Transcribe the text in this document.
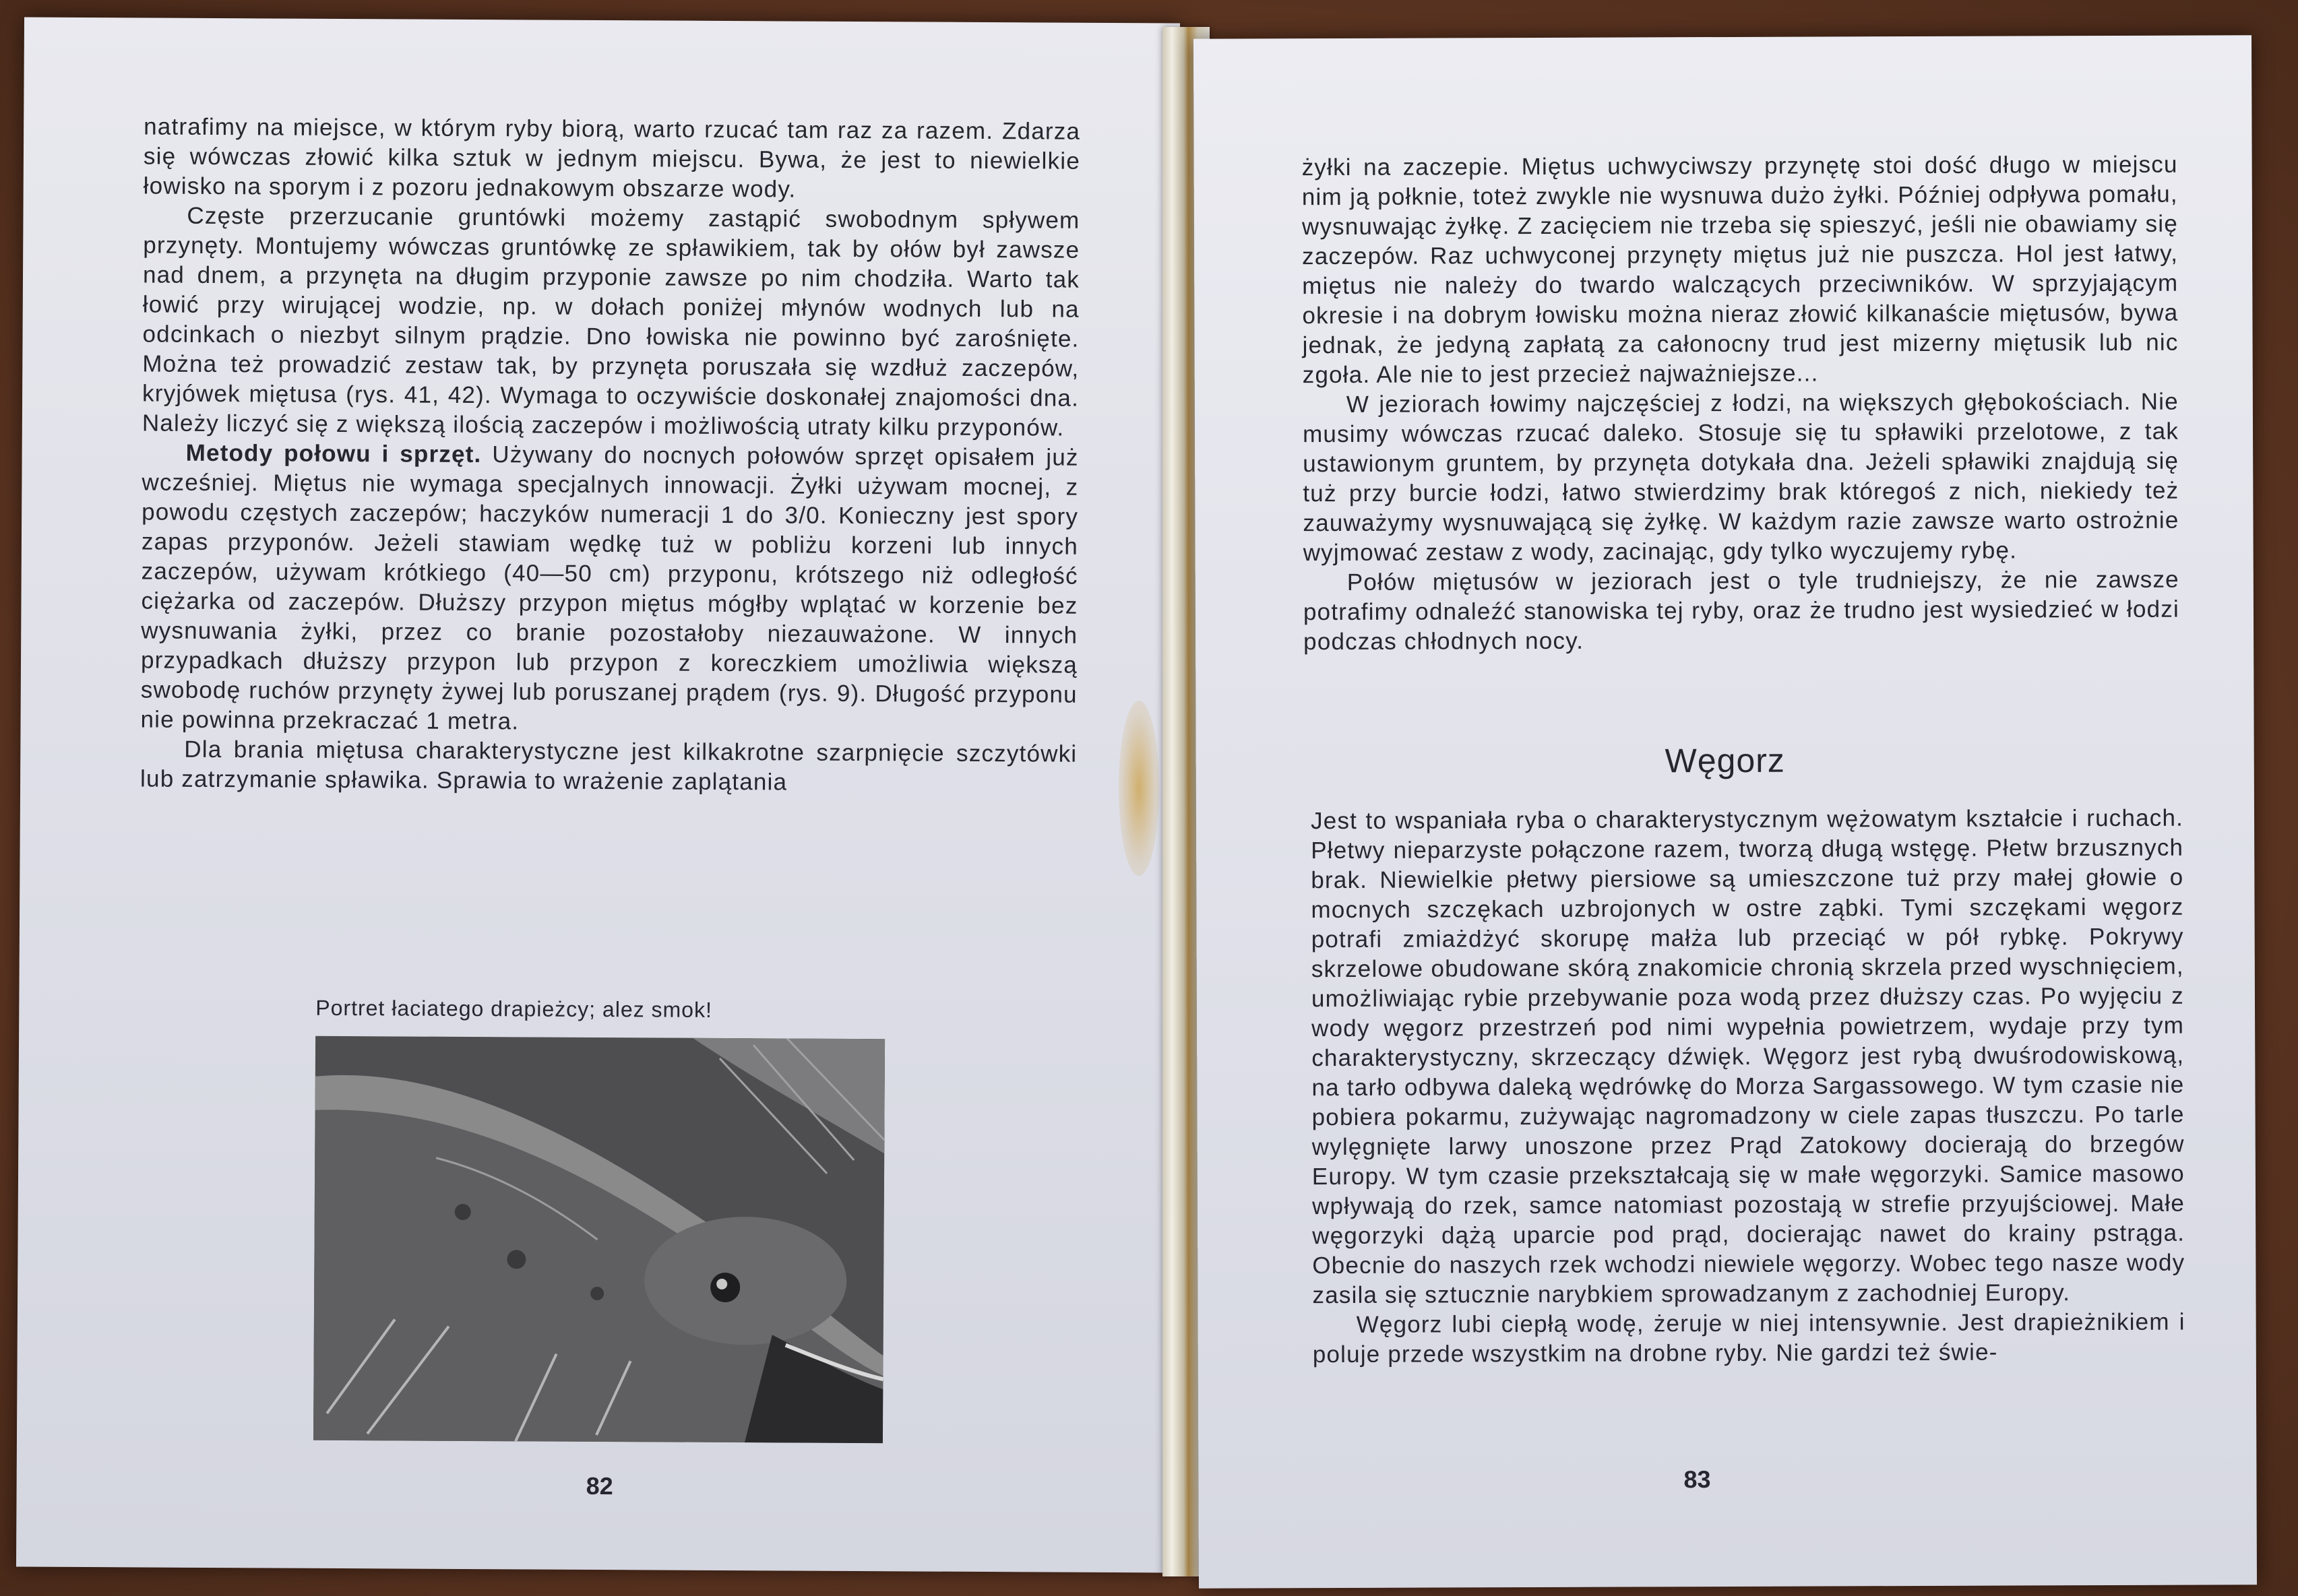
natrafimy na miejsce, w którym ryby biorą, warto rzucać tam raz za razem. Zdarza się wówczas złowić kilka sztuk w jednym miejscu. Bywa, że jest to niewielkie łowisko na sporym i z pozoru jednakowym obszarze wody.

Częste przerzucanie gruntówki możemy zastąpić swobodnym spływem przynęty. Montujemy wówczas gruntówkę ze spławikiem, tak by ołów był zawsze nad dnem, a przynęta na długim przyponie zawsze po nim chodziła. Warto tak łowić przy wirującej wodzie, np. w dołach poniżej młynów wodnych lub na odcinkach o niezbyt silnym prądzie. Dno łowiska nie powinno być zarośnięte. Można też prowadzić zestaw tak, by przynęta poruszała się wzdłuż zaczepów, kryjówek miętusa (rys. 41, 42). Wymaga to oczywiście doskonałej znajomości dna. Należy liczyć się z większą ilością zaczepów i możliwością utraty kilku przyponów.

Metody połowu i sprzęt. Używany do nocnych połowów sprzęt opisałem już wcześniej. Miętus nie wymaga specjalnych innowacji. Żyłki używam mocnej, z powodu częstych zaczepów; haczyków numeracji 1 do 3/0. Konieczny jest spory zapas przyponów. Jeżeli stawiam wędkę tuż w pobliżu korzeni lub innych zaczepów, używam krótkiego (40—50 cm) przyponu, krótszego niż odległość ciężarka od zaczepów. Dłuższy przypon miętus mógłby wplątać w korzenie bez wysnuwania żyłki, przez co branie pozostałoby niezauważone. W innych przypadkach dłuższy przypon lub przypon z koreczkiem umożliwia większą swobodę ruchów przynęty żywej lub poruszanej prądem (rys. 9). Długość przyponu nie powinna przekraczać 1 metra.

Dla brania miętusa charakterystyczne jest kilkakrotne szarpnięcie szczytówki lub zatrzymanie spławika. Sprawia to wrażenie zaplątania

Portret łaciatego drapieżcy; alez smok!
82

żyłki na zaczepie. Miętus uchwyciwszy przynętę stoi dość długo w miejscu nim ją połknie, toteż zwykle nie wysnuwa dużo żyłki. Później odpływa pomału, wysnuwając żyłkę. Z zacięciem nie trzeba się spieszyć, jeśli nie obawiamy się zaczepów. Raz uchwyconej przynęty miętus już nie puszcza. Hol jest łatwy, miętus nie należy do twardo walczących przeciwników. W sprzyjającym okresie i na dobrym łowisku można nieraz złowić kilkanaście miętusów, bywa jednak, że jedyną zapłatą za całonocny trud jest mizerny miętusik lub nic zgoła. Ale nie to jest przecież najważniejsze...

W jeziorach łowimy najczęściej z łodzi, na większych głębokościach. Nie musimy wówczas rzucać daleko. Stosuje się tu spławiki przelotowe, z tak ustawionym gruntem, by przynęta dotykała dna. Jeżeli spławiki znajdują się tuż przy burcie łodzi, łatwo stwierdzimy brak któregoś z nich, niekiedy też zauważymy wysnuwającą się żyłkę. W każdym razie zawsze warto ostrożnie wyjmować zestaw z wody, zacinając, gdy tylko wyczujemy rybę.

Połów miętusów w jeziorach jest o tyle trudniejszy, że nie zawsze potrafimy odnaleźć stanowiska tej ryby, oraz że trudno jest wysiedzieć w łodzi podczas chłodnych nocy.

Węgorz

Jest to wspaniała ryba o charakterystycznym wężowatym kształcie i ruchach. Płetwy nieparzyste połączone razem, tworzą długą wstęgę. Płetw brzusznych brak. Niewielkie płetwy piersiowe są umieszczone tuż przy małej głowie o mocnych szczękach uzbrojonych w ostre ząbki. Tymi szczękami węgorz potrafi zmiażdżyć skorupę małża lub przeciąć w pół rybkę. Pokrywy skrzelowe obudowane skórą znakomicie chronią skrzela przed wyschnięciem, umożliwiając rybie przebywanie poza wodą przez dłuższy czas. Po wyjęciu z wody węgorz przestrzeń pod nimi wypełnia powietrzem, wydaje przy tym charakterystyczny, skrzeczący dźwięk. Węgorz jest rybą dwuśrodowiskową, na tarło odbywa daleką wędrówkę do Morza Sargassowego. W tym czasie nie pobiera pokarmu, zużywając nagromadzony w ciele zapas tłuszczu. Po tarle wylęgnięte larwy unoszone przez Prąd Zatokowy docierają do brzegów Europy. W tym czasie przekształcają się w małe węgorzyki. Samice masowo wpływają do rzek, samce natomiast pozostają w strefie przyujściowej. Małe węgorzyki dążą uparcie pod prąd, docierając nawet do krainy pstrąga. Obecnie do naszych rzek wchodzi niewiele węgorzy. Wobec tego nasze wody zasila się sztucznie narybkiem sprowadzanym z zachodniej Europy.

Węgorz lubi ciepłą wodę, żeruje w niej intensywnie. Jest drapieżnikiem i poluje przede wszystkim na drobne ryby. Nie gardzi też świe-

83
